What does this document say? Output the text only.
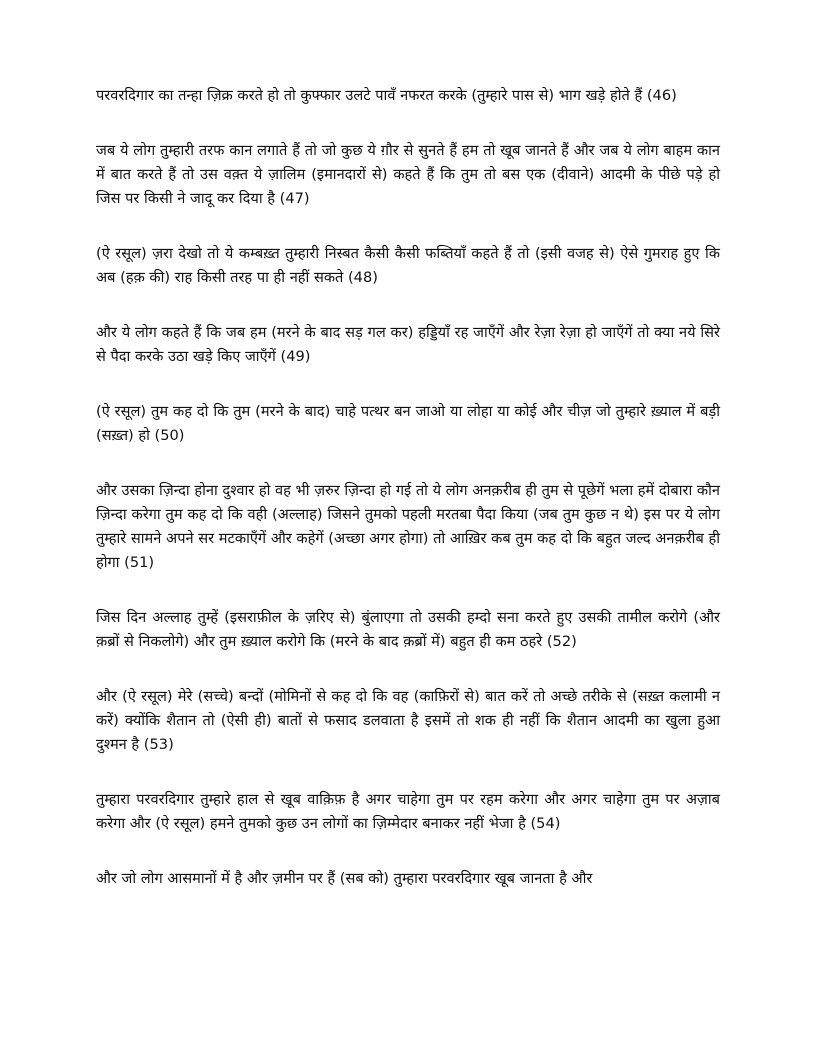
परवरदिगार का तन्हा ज़िक्र करते हो तो कुफ्फार उलटे पावँ नफरत करके (तुम्हारे पास से) भाग खड़े होते हैं (46)

जब ये लोग तुम्हारी तरफ कान लगाते हैं तो जो कुछ ये ग़ौर से सुनते हैं हम तो खूब जानते हैं और जब ये लोग बाहम कान में बात करते हैं तो उस वक़्त ये ज़ालिम (इमानदारों से) कहते हैं कि तुम तो बस एक (दीवाने) आदमी के पीछे पड़े हो जिस पर किसी ने जादू कर दिया है (47)

(ऐ रसूल) ज़रा देखो तो ये कम्बख़्त तुम्हारी निस्बत कैसी कैसी फब्तियाँ कहते हैं तो (इसी वजह से) ऐसे गुमराह हुए कि अब (हक़ की) राह किसी तरह पा ही नहीं सकते (48)

और ये लोग कहते हैं कि जब हम (मरने के बाद सड़ गल कर) हड्डियाँ रह जाएँगें और रेज़ा रेज़ा हो जाएँगें तो क्या नये सिरे से पैदा करके उठा खड़े किए जाएँगें (49)

(ऐ रसूल) तुम कह दो कि तुम (मरने के बाद) चाहे पत्थर बन जाओ या लोहा या कोई और चीज़ जो तुम्हारे ख़्याल में बड़ी (सख़्त) हो (50)

और उसका ज़िन्दा होना दुश्वार हो वह भी ज़रुर ज़िन्दा हो गई तो ये लोग अनक़रीब ही तुम से पूछेगें भला हमें दोबारा कौन ज़िन्दा करेगा तुम कह दो कि वही (अल्लाह) जिसने तुमको पहली मरतबा पैदा किया (जब तुम कुछ न थे) इस पर ये लोग तुम्हारे सामने अपने सर मटकाएँगें और कहेगें (अच्छा अगर होगा) तो आख़िर कब तुम कह दो कि बहुत जल्द अनक़रीब ही होगा (51)

जिस दिन अल्लाह तुम्हें (इसराफ़ील के ज़रिए से) बुंलाएगा तो उसकी हम्दो सना करते हुए उसकी तामील करोगे (और क़ब्रों से निकलोगे) और तुम ख़्याल करोगे कि (मरने के बाद क़ब्रों में) बहुत ही कम ठहरे (52)

और (ऐ रसूल) मेरे (सच्चे) बन्दों (मोमिनों से कह दो कि वह (काफ़िरों से) बात करें तो अच्छे तरीके से (सख़्त कलामी न करें) क्योंकि शैतान तो (ऐसी ही) बातों से फसाद डलवाता है इसमें तो शक ही नहीं कि शैतान आदमी का खुला हुआ दुश्मन है (53)

तुम्हारा परवरदिगार तुम्हारे हाल से खूब वाक़िफ़ है अगर चाहेगा तुम पर रहम करेगा और अगर चाहेगा तुम पर अज़ाब करेगा और (ऐ रसूल) हमने तुमको कुछ उन लोगों का ज़िम्मेदार बनाकर नहीं भेजा है (54)

और जो लोग आसमानों में है और ज़मीन पर हैं (सब को) तुम्हारा परवरदिगार खूब जानता है और
